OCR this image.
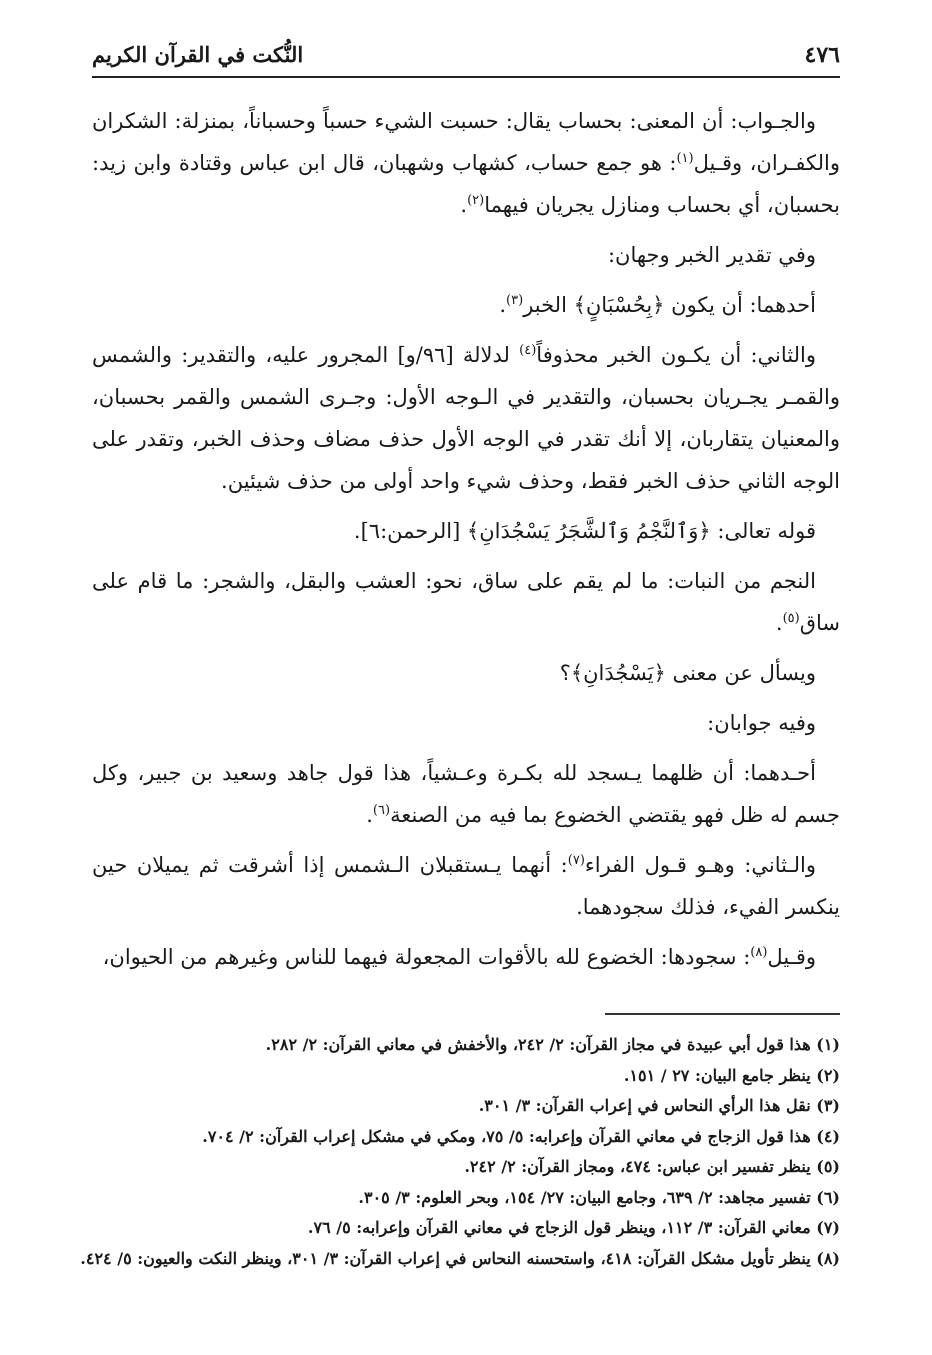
٤٧٦
النُّكت في القرآن الكريم

والجـواب: أن المعنى: بحساب يقال: حسبت الشيء حسباً وحسباناً، بمنزلة: الشكران والكفـران، وقـيل$^{(١)}$: هو جمع حساب، كشهاب وشهبان، قال ابن عباس وقتادة وابن زيد: بحسبان، أي بحساب ومنازل يجريان فيهما$^{(٢)}$.

وفي تقدير الخبر وجهان:

أحدهما: أن يكون ﴿بِحُسْبَانٍ﴾ الخبر$^{(٣)}$.

والثاني: أن يكـون الخبر محذوفاً$^{(٤)}$ لدلالة [٩٦/و] المجرور عليه، والتقدير: والشمس والقمـر يجـريان بحسبان، والتقدير في الـوجه الأول: وجـرى الشمس والقمر بحسبان، والمعنيان يتقاربان، إلا أنك تقدر في الوجه الأول حذف مضاف وحذف الخبر، وتقدر على الوجه الثاني حذف الخبر فقط، وحذف شيء واحد أولى من حذف شيئين.

قوله تعالى: ﴿وَٱلنَّجْمُ وَٱلشَّجَرُ يَسْجُدَانِ﴾ [الرحمن:٦].

النجم من النبات: ما لم يقم على ساق، نحو: العشب والبقل، والشجر: ما قام على ساق$^{(٥)}$.

ويسأل عن معنى ﴿يَسْجُدَانِ﴾؟

وفيه جوابان:

أحـدهما: أن ظلهما يـسجد لله بكـرة وعـشياً، هذا قول جاهد وسعيد بن جبير، وكل جسم له ظل فهو يقتضي الخضوع بما فيه من الصنعة$^{(٦)}$.

والـثاني: وهـو قـول الفراء$^{(٧)}$: أنهما يـستقبلان الـشمس إذا أشرقت ثم يميلان حين ينكسر الفيء، فذلك سجودهما.

وقـيل$^{(٨)}$: سجودها: الخضوع لله بالأقوات المجعولة فيهما للناس وغيرهم من الحيوان،

(١) هذا قول أبي عبيدة في مجاز القرآن: ٢/ ٢٤٢، والأخفش في معاني القرآن: ٢/ ٢٨٢.
(٢) ينظر جامع البيان: ٢٧ / ١٥١.
(٣) نقل هذا الرأي النحاس في إعراب القرآن: ٣/ ٣٠١.
(٤) هذا قول الزجاج في معاني القرآن وإعرابه: ٥/ ٧٥، ومكي في مشكل إعراب القرآن: ٢/ ٧٠٤.
(٥) ينظر تفسير ابن عباس: ٤٧٤، ومجاز القرآن: ٢/ ٢٤٢.
(٦) تفسير مجاهد: ٢/ ٦٣٩، وجامع البيان: ٢٧/ ١٥٤، وبحر العلوم: ٣/ ٣٠٥.
(٧) معاني القرآن: ٣/ ١١٢، وينظر قول الزجاج في معاني القرآن وإعرابه: ٥/ ٧٦.
(٨) ينظر تأويل مشكل القرآن: ٤١٨، واستحسنه النحاس في إعراب القرآن: ٣/ ٣٠١، وينظر النكت والعيون: ٥/ ٤٢٤.
